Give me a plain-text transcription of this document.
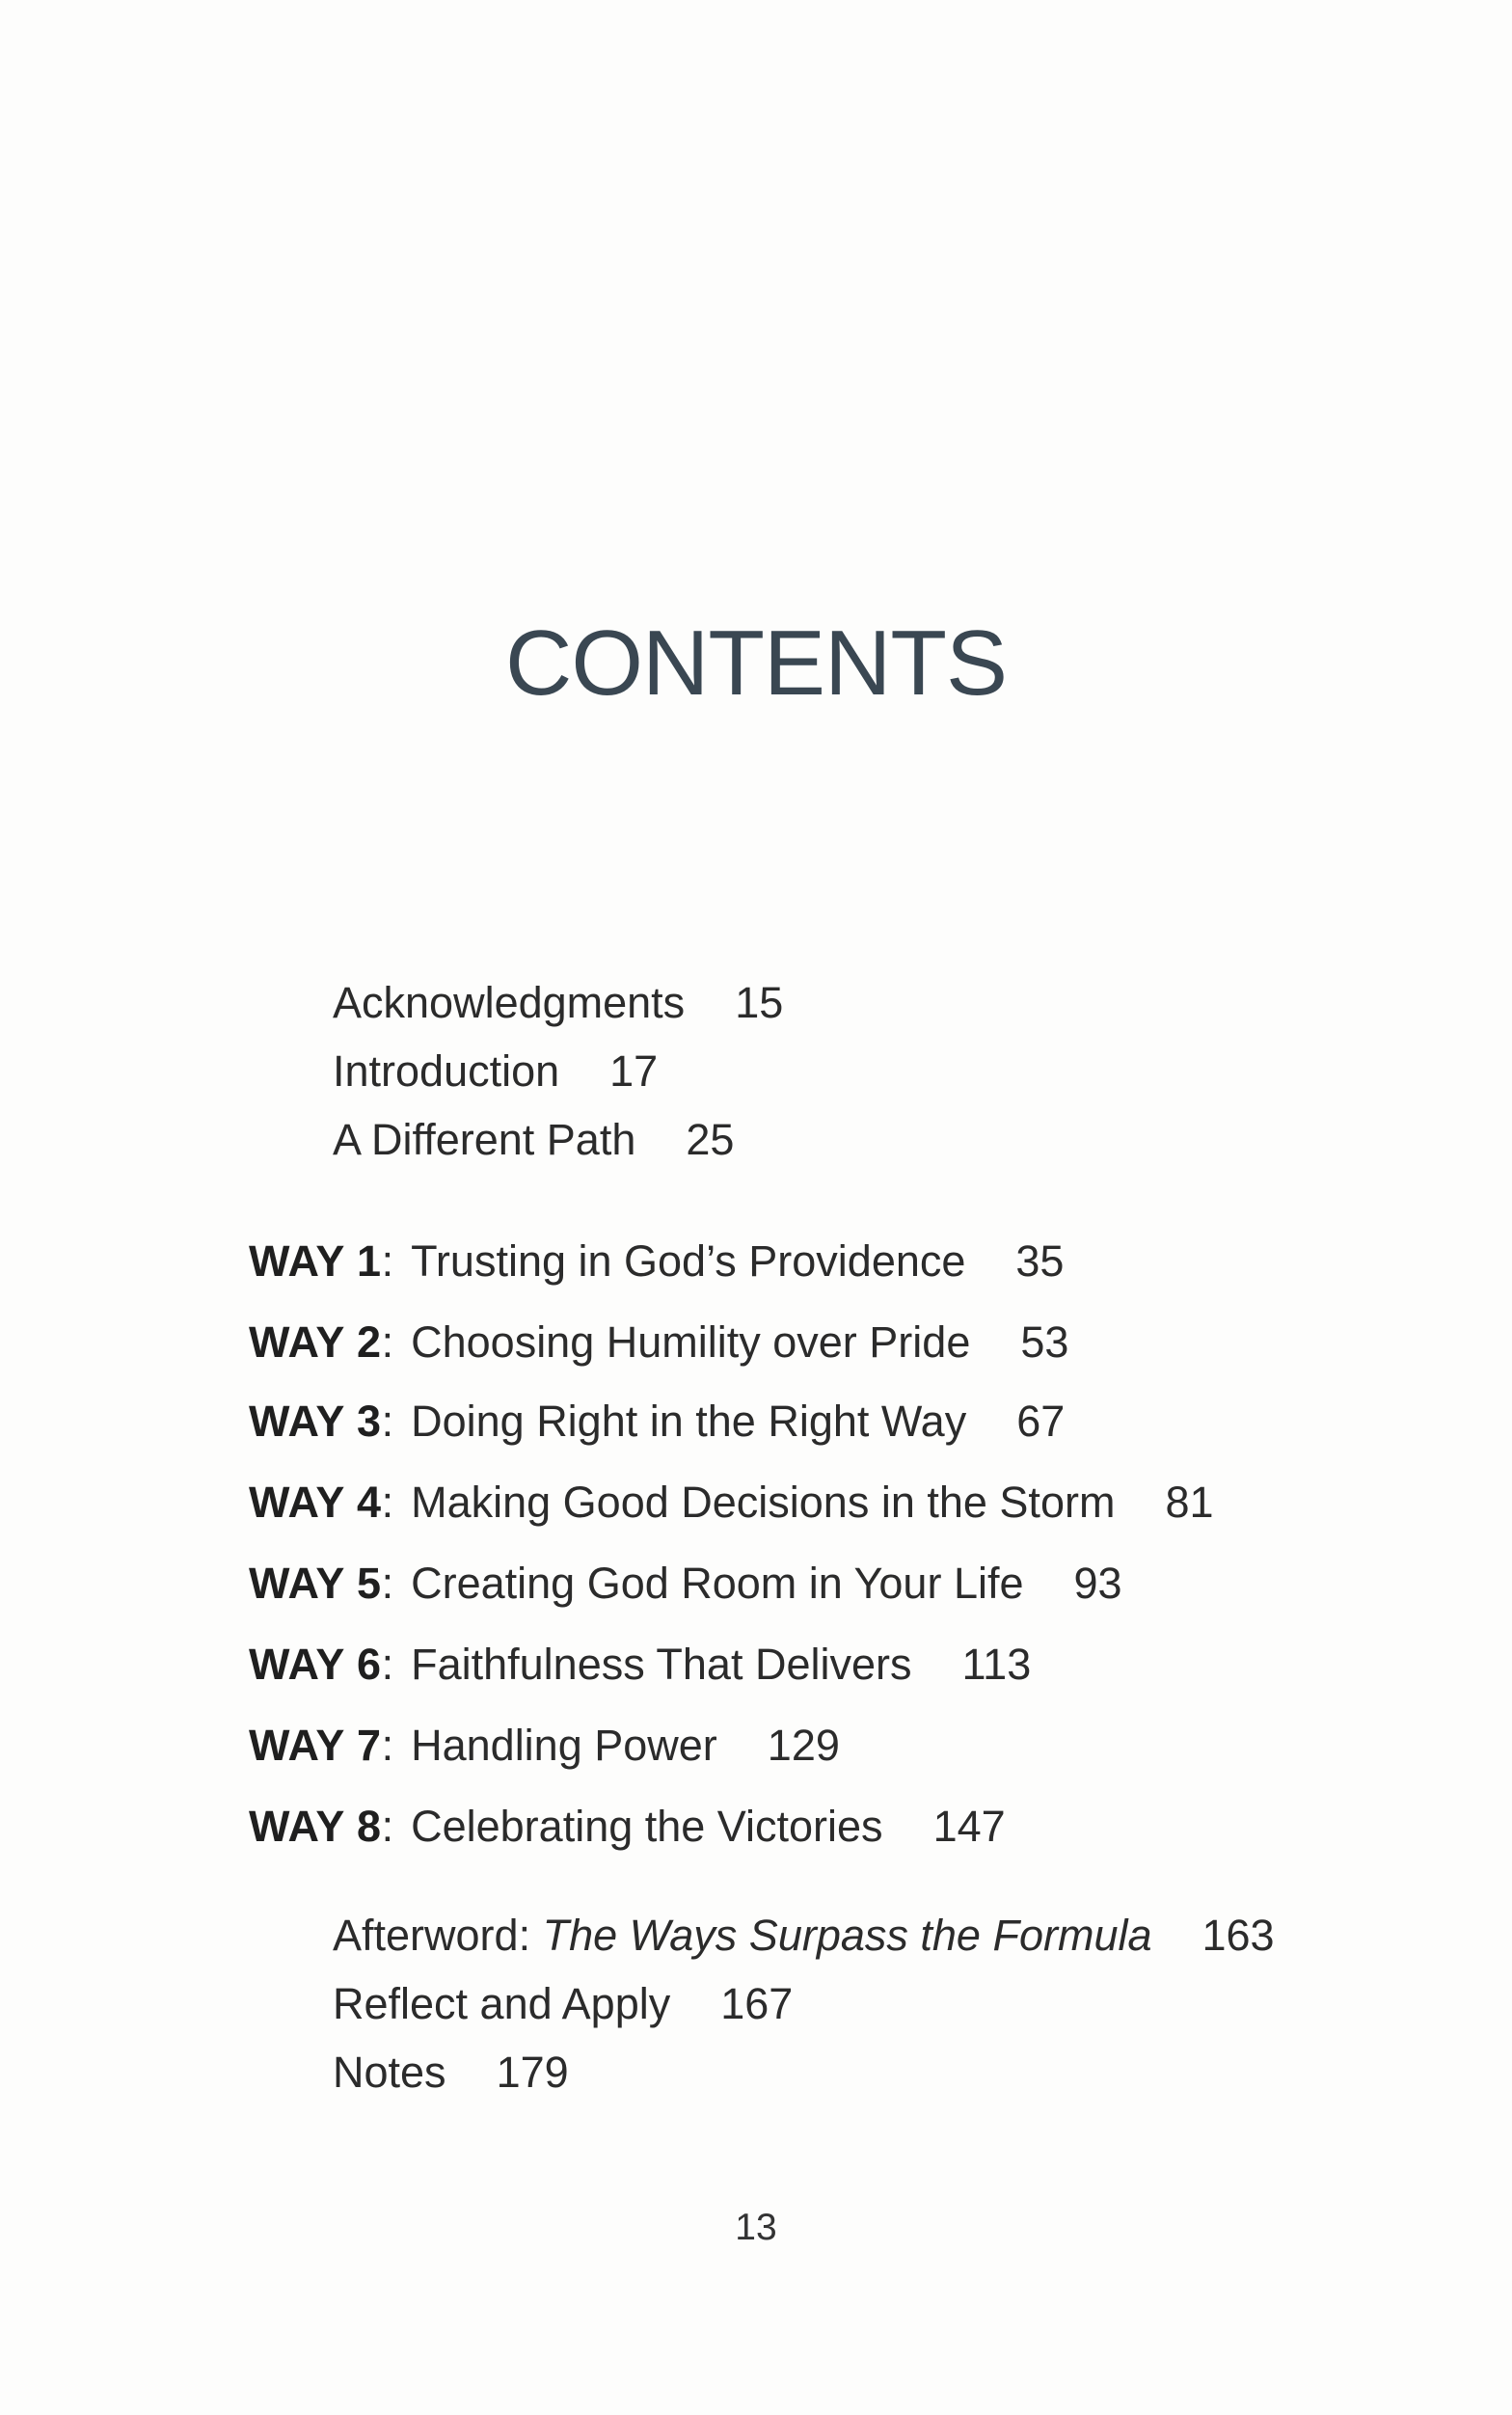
CONTENTS
Acknowledgments 15
Introduction 17
A Different Path 25
WAY 1: Trusting in God’s Providence 35
WAY 2: Choosing Humility over Pride 53
WAY 3: Doing Right in the Right Way 67
WAY 4: Making Good Decisions in the Storm 81
WAY 5: Creating God Room in Your Life 93
WAY 6: Faithfulness That Delivers 113
WAY 7: Handling Power 129
WAY 8: Celebrating the Victories 147
Afterword: The Ways Surpass the Formula 163
Reflect and Apply 167
Notes 179
13
